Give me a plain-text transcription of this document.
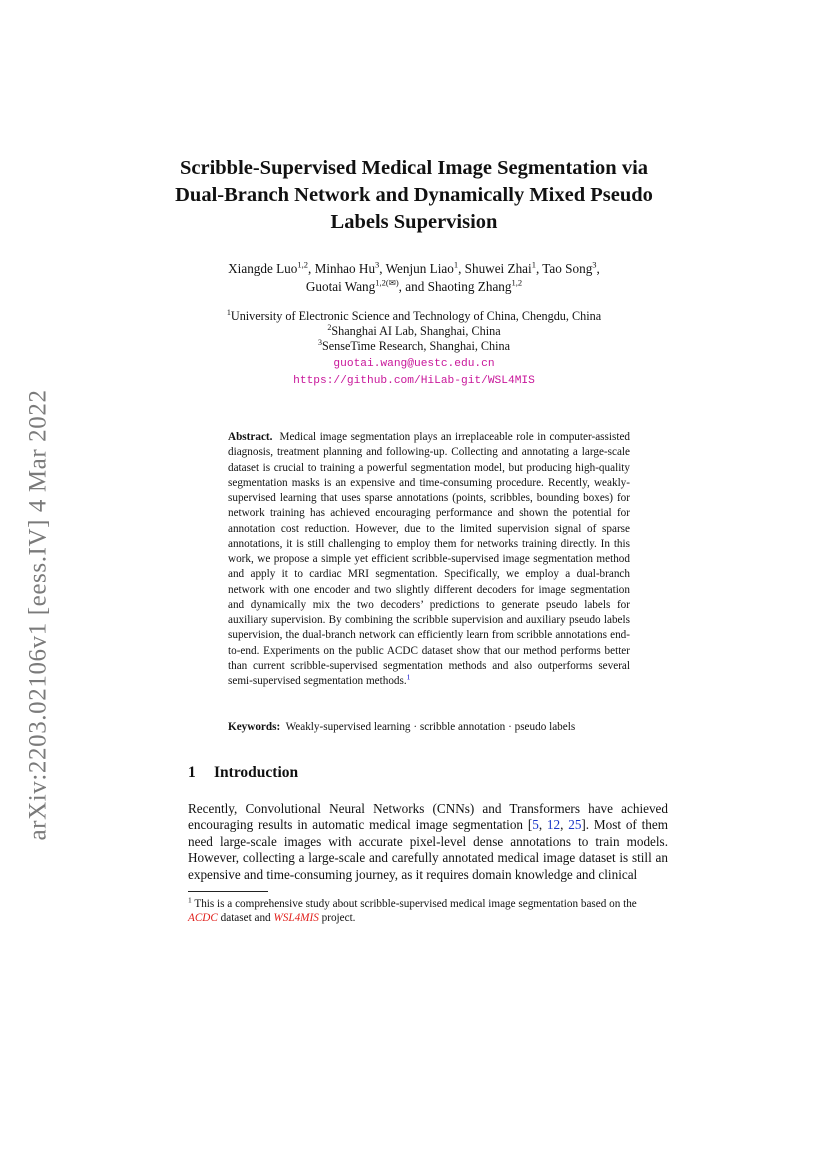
arXiv:2203.02106v1 [eess.IV] 4 Mar 2022
Scribble-Supervised Medical Image Segmentation via
Dual-Branch Network and Dynamically Mixed Pseudo
Labels Supervision
Xiangde Luo$^{1,2}$, Minhao Hu$^3$, Wenjun Liao$^1$, Shuwei Zhai$^1$, Tao Song$^3$,
Guotai Wang$^{1,2(✉)}$, and Shaoting Zhang$^{1,2}$
$^1$University of Electronic Science and Technology of China, Chengdu, China
$^2$Shanghai AI Lab, Shanghai, China
$^3$SenseTime Research, Shanghai, China
guotai.wang@uestc.edu.cn
https://github.com/HiLab-git/WSL4MIS
Abstract. Medical image segmentation plays an irreplaceable role in computer-assisted diagnosis, treatment planning and following-up. Collecting and annotating a large-scale dataset is crucial to training a powerful segmentation model, but producing high-quality segmentation masks is an expensive and time-consuming procedure. Recently, weakly-supervised learning that uses sparse annotations (points, scribbles, bounding boxes) for network training has achieved encouraging performance and shown the potential for annotation cost reduction. However, due to the limited supervision signal of sparse annotations, it is still challenging to employ them for networks training directly. In this work, we propose a simple yet efficient scribble-supervised image segmentation method and apply it to cardiac MRI segmentation. Specifically, we employ a dual-branch network with one encoder and two slightly different decoders for image segmentation and dynamically mix the two decoders’ predictions to generate pseudo labels for auxiliary supervision. By combining the scribble supervision and auxiliary pseudo labels supervision, the dual-branch network can efficiently learn from scribble annotations end-to-end. Experiments on the public ACDC dataset show that our method performs better than current scribble-supervised segmentation methods and also outperforms several semi-supervised segmentation methods.$^1$
Keywords: Weakly-supervised learning · scribble annotation · pseudo labels
1 Introduction
Recently, Convolutional Neural Networks (CNNs) and Transformers have achieved encouraging results in automatic medical image segmentation [5, 12, 25]. Most of them need large-scale images with accurate pixel-level dense annotations to train models. However, collecting a large-scale and carefully annotated medical image dataset is still an expensive and time-consuming journey, as it requires domain knowledge and clinical
$^1$ This is a comprehensive study about scribble-supervised medical image segmentation based on the ACDC dataset and WSL4MIS project.
